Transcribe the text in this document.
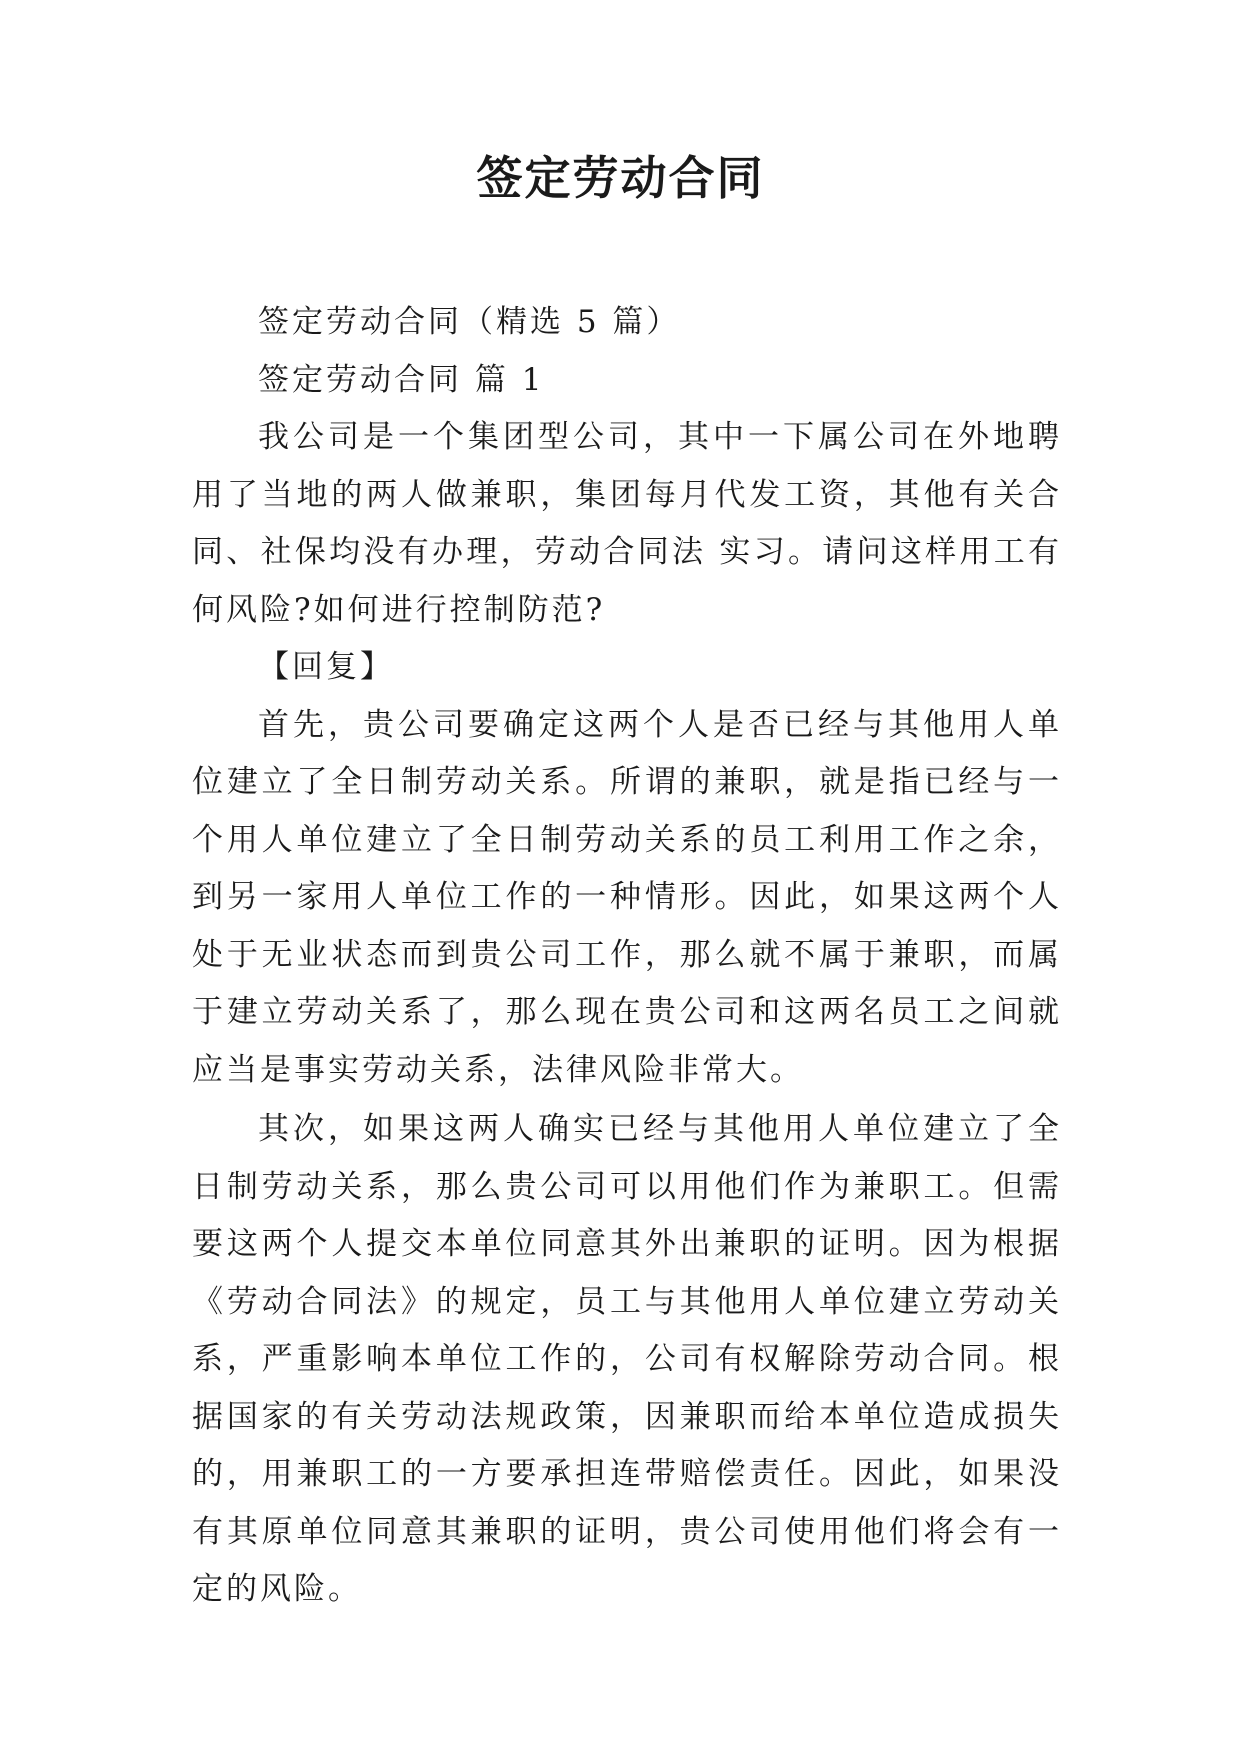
签定劳动合同

签定劳动合同（精选 5 篇）

签定劳动合同 篇 1

我公司是一个集团型公司，其中一下属公司在外地聘用了当地的两人做兼职，集团每月代发工资，其他有关合同、社保均没有办理，劳动合同法 实习。请问这样用工有何风险?如何进行控制防范?

【回复】

首先，贵公司要确定这两个人是否已经与其他用人单位建立了全日制劳动关系。所谓的兼职，就是指已经与一个用人单位建立了全日制劳动关系的员工利用工作之余，到另一家用人单位工作的一种情形。因此，如果这两个人处于无业状态而到贵公司工作，那么就不属于兼职，而属于建立劳动关系了，那么现在贵公司和这两名员工之间就应当是事实劳动关系，法律风险非常大。

其次，如果这两人确实已经与其他用人单位建立了全日制劳动关系，那么贵公司可以用他们作为兼职工。但需要这两个人提交本单位同意其外出兼职的证明。因为根据《劳动合同法》的规定，员工与其他用人单位建立劳动关系，严重影响本单位工作的，公司有权解除劳动合同。根据国家的有关劳动法规政策，因兼职而给本单位造成损失的，用兼职工的一方要承担连带赔偿责任。因此，如果没有其原单位同意其兼职的证明，贵公司使用他们将会有一定的风险。
